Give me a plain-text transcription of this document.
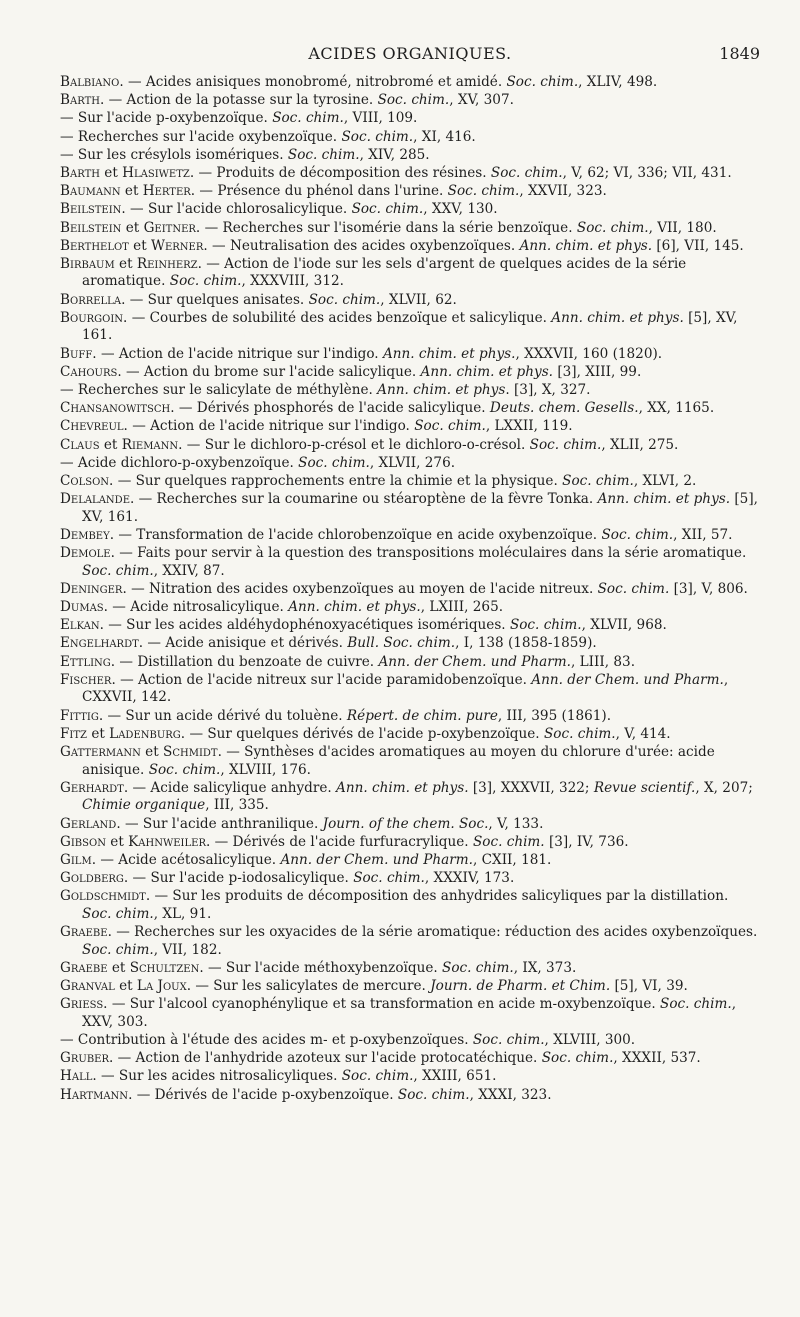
ACIDES ORGANIQUES.	1849
Balbiano. — Acides anisiques monobromé, nitrobromé et amidé. Soc. chim., XLIV, 498.
Barth. — Action de la potasse sur la tyrosine. Soc. chim., XV, 307.
— Sur l'acide p-oxybenzoïque. Soc. chim., VIII, 109.
— Recherches sur l'acide oxybenzoïque. Soc. chim., XI, 416.
— Sur les crésylols isomériques. Soc. chim., XIV, 285.
Barth et Hlasiwetz. — Produits de décomposition des résines. Soc. chim., V, 62; VI, 336; VII, 431.
Baumann et Herter. — Présence du phénol dans l'urine. Soc. chim., XXVII, 323.
Beilstein. — Sur l'acide chlorosalicylique. Soc. chim., XXV, 130.
Beilstein et Geitner. — Recherches sur l'isomérie dans la série benzoïque. Soc. chim., VII, 180.
Berthelot et Werner. — Neutralisation des acides oxybenzoïques. Ann. chim. et phys. [6], VII, 145.
Birbaum et Reinherz. — Action de l'iode sur les sels d'argent de quelques acides de la série aromatique. Soc. chim., XXXVIII, 312.
Borrella. — Sur quelques anisates. Soc. chim., XLVII, 62.
Bourgoin. — Courbes de solubilité des acides benzoïque et salicylique. Ann. chim. et phys. [5], XV, 161.
Buff. — Action de l'acide nitrique sur l'indigo. Ann. chim. et phys., XXXVII, 160 (1820).
Cahours. — Action du brome sur l'acide salicylique. Ann. chim. et phys. [3], XIII, 99.
— Recherches sur le salicylate de méthylène. Ann. chim. et phys. [3], X, 327.
Chansanowitsch. — Dérivés phosphorés de l'acide salicylique. Deuts. chem. Gesells., XX, 1165.
Chevreul. — Action de l'acide nitrique sur l'indigo. Soc. chim., LXXII, 119.
Claus et Riemann. — Sur le dichloro-p-crésol et le dichloro-o-crésol. Soc. chim., XLII, 275.
— Acide dichloro-p-oxybenzoïque. Soc. chim., XLVII, 276.
Colson. — Sur quelques rapprochements entre la chimie et la physique. Soc. chim., XLVI, 2.
Delalande. — Recherches sur la coumarine ou stéaroptène de la fèvre Tonka. Ann. chim. et phys. [5], XV, 161.
Dembey. — Transformation de l'acide chlorobenzoïque en acide oxybenzoïque. Soc. chim., XII, 57.
Demole. — Faits pour servir à la question des transpositions moléculaires dans la série aromatique. Soc. chim., XXIV, 87.
Deninger. — Nitration des acides oxybenzoïques au moyen de l'acide nitreux. Soc. chim. [3], V, 806.
Dumas. — Acide nitrosalicylique. Ann. chim. et phys., LXIII, 265.
Elkan. — Sur les acides aldéhydophénoxyacétiques isomériques. Soc. chim., XLVII, 968.
Engelhardt. — Acide anisique et dérivés. Bull. Soc. chim., I, 138 (1858-1859).
Ettling. — Distillation du benzoate de cuivre. Ann. der Chem. und Pharm., LIII, 83.
Fischer. — Action de l'acide nitreux sur l'acide paramidobenzoïque. Ann. der Chem. und Pharm., CXXVII, 142.
Fittig. — Sur un acide dérivé du toluène. Répert. de chim. pure, III, 395 (1861).
Fitz et Ladenburg. — Sur quelques dérivés de l'acide p-oxybenzoïque. Soc. chim., V, 414.
Gattermann et Schmidt. — Synthèses d'acides aromatiques au moyen du chlorure d'urée: acide anisique. Soc. chim., XLVIII, 176.
Gerhardt. — Acide salicylique anhydre. Ann. chim. et phys. [3], XXXVII, 322; Revue scientif., X, 207; Chimie organique, III, 335.
Gerland. — Sur l'acide anthranilique. Journ. of the chem. Soc., V, 133.
Gibson et Kahnweiler. — Dérivés de l'acide furfuracrylique. Soc. chim. [3], IV, 736.
Gilm. — Acide acétosalicylique. Ann. der Chem. und Pharm., CXII, 181.
Goldberg. — Sur l'acide p-iodosalicylique. Soc. chim., XXXIV, 173.
Goldschmidt. — Sur les produits de décomposition des anhydrides salicyliques par la distillation. Soc. chim., XL, 91.
Graebe. — Recherches sur les oxyacides de la série aromatique: réduction des acides oxybenzoïques. Soc. chim., VII, 182.
Graebe et Schultzen. — Sur l'acide méthoxybenzoïque. Soc. chim., IX, 373.
Granval et La Joux. — Sur les salicylates de mercure. Journ. de Pharm. et Chim. [5], VI, 39.
Griess. — Sur l'alcool cyanophénylique et sa transformation en acide m-oxybenzoïque. Soc. chim., XXV, 303.
— Contribution à l'étude des acides m- et p-oxybenzoïques. Soc. chim., XLVIII, 300.
Gruber. — Action de l'anhydride azoteux sur l'acide protocatéchique. Soc. chim., XXXII, 537.
Hall. — Sur les acides nitrosalicyliques. Soc. chim., XXIII, 651.
Hartmann. — Dérivés de l'acide p-oxybenzoïque. Soc. chim., XXXI, 323.
